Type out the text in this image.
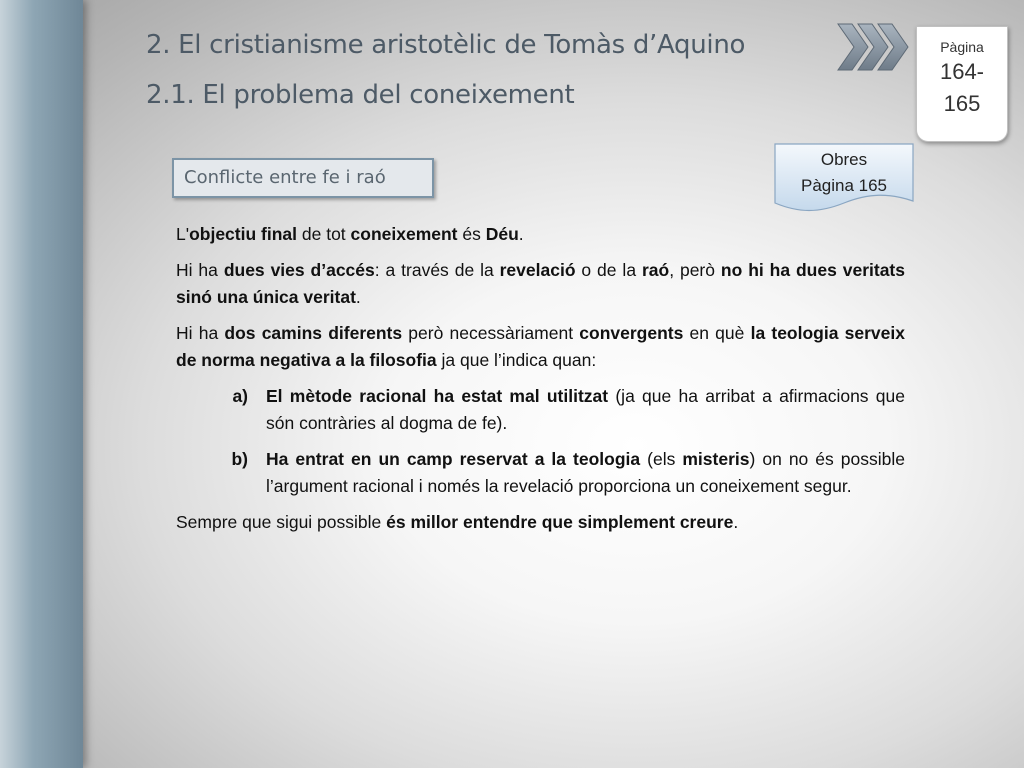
2. El cristianisme aristotèlic de Tomàs d’Aquino
2.1. El problema del coneixement
Pàgina
164-
165
Obres
Pàgina 165
Conflicte entre fe i raó

L'objectiu final de tot coneixement és Déu.

Hi ha dues vies d’accés: a través de la revelació o de la raó, però no hi ha dues veritats sinó una única veritat.

Hi ha dos camins diferents però necessàriament convergents en què la teologia serveix de norma negativa a la filosofia ja que l’indica quan:

a)	El mètode racional ha estat mal utilitzat (ja que ha arribat a afirmacions que són contràries al dogma de fe).
b)	Ha entrat en un camp reservat a la teologia (els misteris) on no és possible l’argument racional i només la revelació proporciona un coneixement segur.

Sempre que sigui possible és millor entendre que simplement creure.
